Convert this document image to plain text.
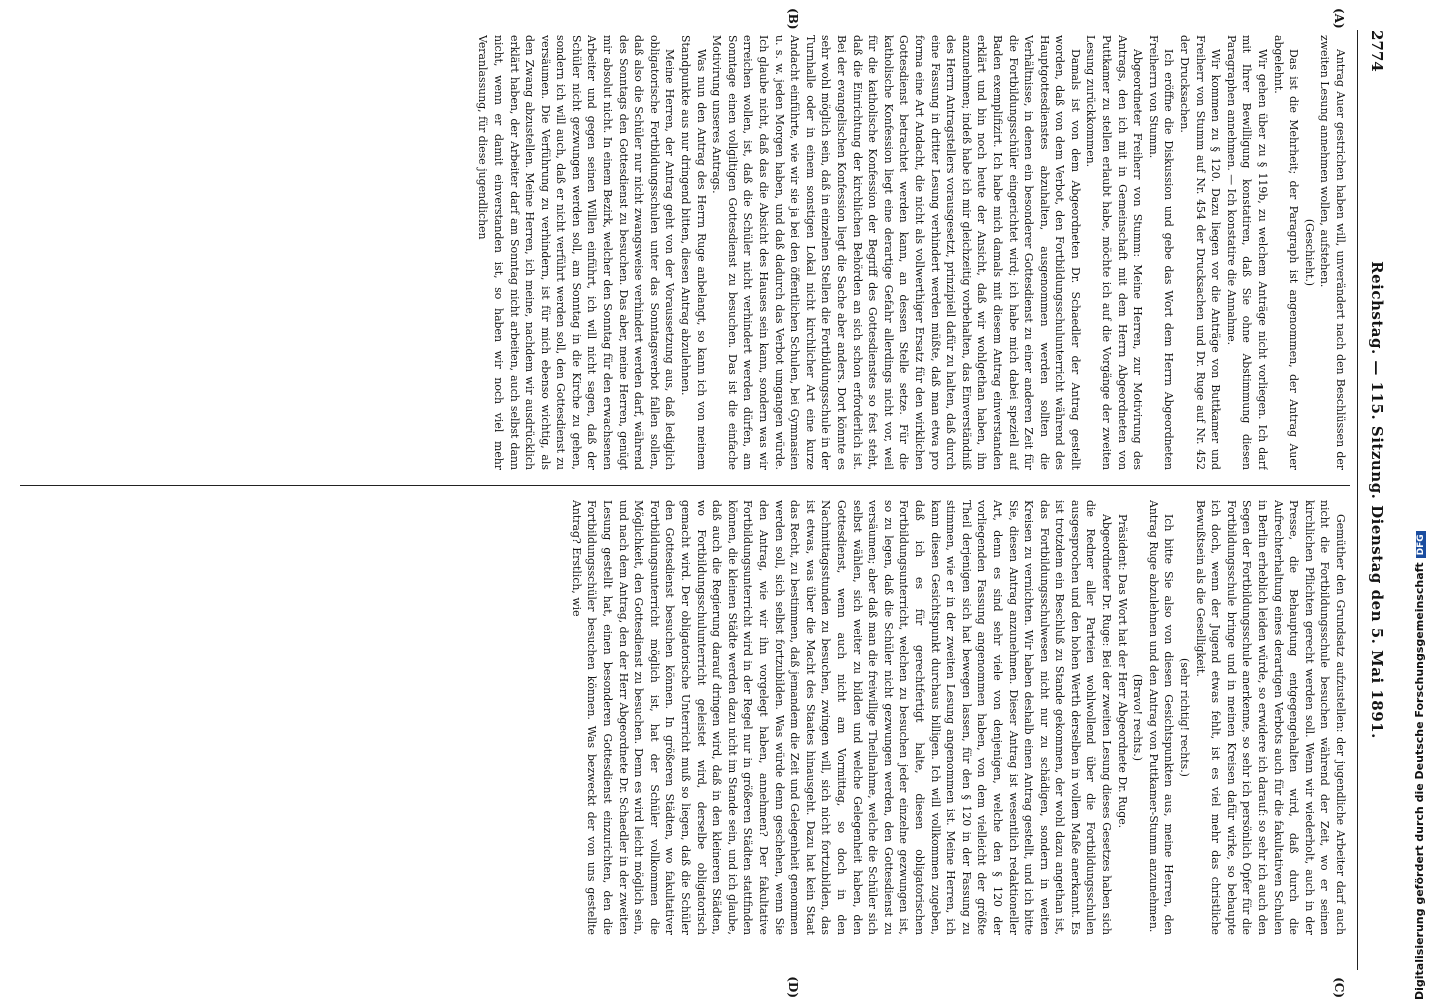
2774
Reichstag. — 115. Sitzung. Dienstag den 5. Mai 1891.
(A)
(B)
(C)
(D)

Antrag Auer gestrichen haben will, unverändert nach den Beschlüssen der zweiten Lesung annehmen wollen, aufstehen.

(Geschieht.)

Das ist die Mehrheit; der Paragraph ist angenommen, der Antrag Auer abgelehnt.

Wir gehen über zu § 119b, zu welchem Anträge nicht vorliegen. Ich darf mit Ihrer Bewilligung konstatiren, daß Sie ohne Abstimmung diesen Paragraphen annehmen. — Ich konstatire die Annahme.

Wir kommen zu § 120. Dazu liegen vor die Anträge von Buttkamer und Freiherr von Stumm auf Nr. 454 der Drucksachen und Dr. Ruge auf Nr. 452 der Drucksachen.

Ich eröffne die Diskussion und gebe das Wort dem Herrn Abgeordneten Freiherrn von Stumm.

Abgeordneter Freiherr von Stumm: Meine Herren, zur Motivirung des Antrags, den ich mit in Gemeinschaft mit dem Herrn Abgeordneten von Puttkamer zu stellen erlaubt habe, möchte ich auf die Vorgänge der zweiten Lesung zurückkommen.

Damals ist von dem Abgeordneten Dr. Schaedler der Antrag gestellt worden, daß von dem Verbot, den Fortbildungsschulunterricht während des Hauptgottesdienstes abzuhalten, ausgenommen werden sollten die Verhältnisse, in denen ein besonderer Gottesdienst zu einer anderen Zeit für die Fortbildungsschüler eingerichtet wird; ich habe mich dabei speziell auf Baden exemplifizirt. Ich habe mich damals mit diesem Antrag einverstanden erklärt und bin noch heute der Ansicht, daß wir wohlgethan haben, ihn anzunehmen; indeß habe ich mir gleichzeitig vorbehalten, das Einverständniß des Herrn Antragstellers vorausgesetzt, prinzipiell dafür zu halten, daß durch eine Fassung in dritter Lesung verhindert werden müßte, daß man etwa pro forma eine Art Andacht, die nicht als vollwerthiger Ersatz für den wirklichen Gottesdienst betrachtet werden kann, an dessen Stelle setze. Für die katholische Konfession liegt eine derartige Gefahr allerdings nicht vor, weil für die katholische Konfession der Begriff des Gottesdienstes so fest steht, daß die Einrichtung der kirchlichen Behörden an sich schon erforderlich ist. Bei der evangelischen Konfession liegt die Sache aber anders. Dort könnte es sehr wohl möglich sein, daß in einzelnen Stellen die Fortbildungsschule in der Turnhalle oder in einem sonstigen Lokal nicht kirchlicher Art eine kurze Andacht einführte, wie wir sie ja bei den öffentlichen Schulen, bei Gymnasien u. s. w. jeden Morgen haben, und daß dadurch das Verbot umgangen würde. Ich glaube nicht, daß das die Absicht des Hauses sein kann, sondern was wir erreichen wollen, ist, daß die Schüler nicht verhindert werden dürfen, am Sonntage einen vollgiltigen Gottesdienst zu besuchen. Das ist die einfache Motivirung unseres Antrags.

Was nun den Antrag des Herrn Ruge anbelangt, so kann ich von meinem Standpunkte aus nur dringend bitten, diesen Antrag abzulehnen.

Meine Herren, der Antrag geht von der Voraussetzung aus, daß lediglich obligatorische Fortbildungsschulen unter das Sonntagsverbot fallen sollen, daß also die Schüler nur nicht zwangsweise verhindert werden darf, während des Sonntags den Gottesdienst zu besuchen. Das aber, meine Herren, genügt mir absolut nicht. In einem Bezirk, welcher den Sonntag für den erwachsenen Arbeiter und gegen seinen Willen einführt, ich will nicht sagen, daß der Schüler nicht gezwungen werden soll, am Sonntag in die Kirche zu gehen, sondern ich will auch, daß er nicht verführt werden soll, den Gottesdienst zu versäumen. Die Verführung zu verhindern, ist für mich ebenso wichtig, als den Zwang abzustellen. Meine Herren, ich meine, nachdem wir ausdrücklich erklärt haben, der Arbeiter darf am Sonntag nicht arbeiten, auch selbst dann nicht, wenn er damit einverstanden ist, so haben wir noch viel mehr Veranlassung, für diese jugendlichen

Gemüther den Grundsatz aufzustellen: der jugendliche Arbeiter darf auch nicht die Fortbildungsschule besuchen während der Zeit, wo er seinen kirchlichen Pflichten gerecht werden soll. Wenn wir wiederholt, auch in der Presse, die Behauptung entgegengehalten wird, daß durch die Aufrechterhaltung eines derartigen Verbots auch für die fakultativen Schulen in Berlin erheblich leiden würde, so erwidere ich darauf: so sehr ich auch den Segen der Fortbildungsschule anerkenne, so sehr ich persönlich Opfer für die Fortbildungsschule bringe und in meinen Kreisen dafür wirke, so behaupte ich doch, wenn der Jugend etwas fehlt, ist es viel mehr das christliche Bewußtsein als die Geselligkeit.

(sehr richtig! rechts.)

Ich bitte Sie also von diesen Gesichtspunkten aus, meine Herren, den Antrag Ruge abzulehnen und den Antrag von Puttkamer-Stumm anzunehmen.

(Bravo! rechts.)

Präsident: Das Wort hat der Herr Abgeordnete Dr. Ruge.

Abgeordneter Dr. Ruge: Bei der zweiten Lesung dieses Gesetzes haben sich die Redner aller Parteien wohlwollend über die Fortbildungsschulen ausgesprochen und den hohen Werth derselben in vollem Maße anerkannt. Es ist trotzdem ein Beschluß zu Stande gekommen, der wohl dazu angethan ist, das Fortbildungsschulwesen nicht nur zu schädigen, sondern in weiten Kreisen zu vernichten. Wir haben deshalb einen Antrag gestellt, und ich bitte Sie, diesen Antrag anzunehmen. Dieser Antrag ist wesentlich redaktioneller Art, denn es sind sehr viele von denjenigen, welche den § 120 der vorliegenden Fassung angenommen haben, von dem vielleicht der größte Theil derjenigen sich hat bewegen lassen, für den § 120 in der Fassung zu stimmen, wie er in der zweiten Lesung angenommen ist. Meine Herren, ich kann diesen Gesichtspunkt durchaus billigen. Ich will vollkommen zugeben, daß ich es für gerechtfertigt halte, diesen obligatorischen Fortbildungsunterricht, welchen zu besuchen jeder einzelne gezwungen ist, so zu legen, daß die Schüler nicht gezwungen werden, den Gottesdienst zu versäumen; aber daß man die freiwillige Theilnahme, welche die Schüler sich selbst wählen, sich weiter zu bilden und welche Gelegenheit haben, den Gottesdienst, wenn auch nicht am Vormittag, so doch in den Nachmittagsstunden zu besuchen, zwingen will, sich nicht fortzubilden, das ist etwas, was über die Macht des Staates hinausgeht. Dazu hat kein Staat das Recht, zu bestimmen, daß jemandem die Zeit und Gelegenheit genommen werden soll, sich selbst fortzubilden. Was würde denn geschehen, wenn Sie den Antrag, wie wir ihn vorgelegt haben, annehmen? Der fakultative Fortbildungsunterricht wird in der Regel nur in größeren Städten stattfinden können, die kleinen Städte werden dazu nicht im Stande sein, und ich glaube, daß auch die Regierung darauf dringen wird, daß in den kleineren Städten, wo Fortbildungsschulunterricht geleistet wird, derselbe obligatorisch gemacht wird. Der obligatorische Unterricht muß so liegen, daß die Schüler den Gottesdienst besuchen können. In größeren Städten, wo fakultativer Fortbildungsunterricht möglich ist, hat der Schüler vollkommen die Möglichkeit, den Gottesdienst zu besuchen. Denn es wird leicht möglich sein, und nach dem Antrag, den der Herr Abgeordnete Dr. Schaedler in der zweiten Lesung gestellt hat, einen besonderen Gottesdienst einzurichten, den die Fortbildungsschüler besuchen können. Was bezweckt der von uns gestellte Antrag? Erstlich, wie

Digitalisierung gefördert durch die Deutsche ForschungsgemeinschaftDFG
